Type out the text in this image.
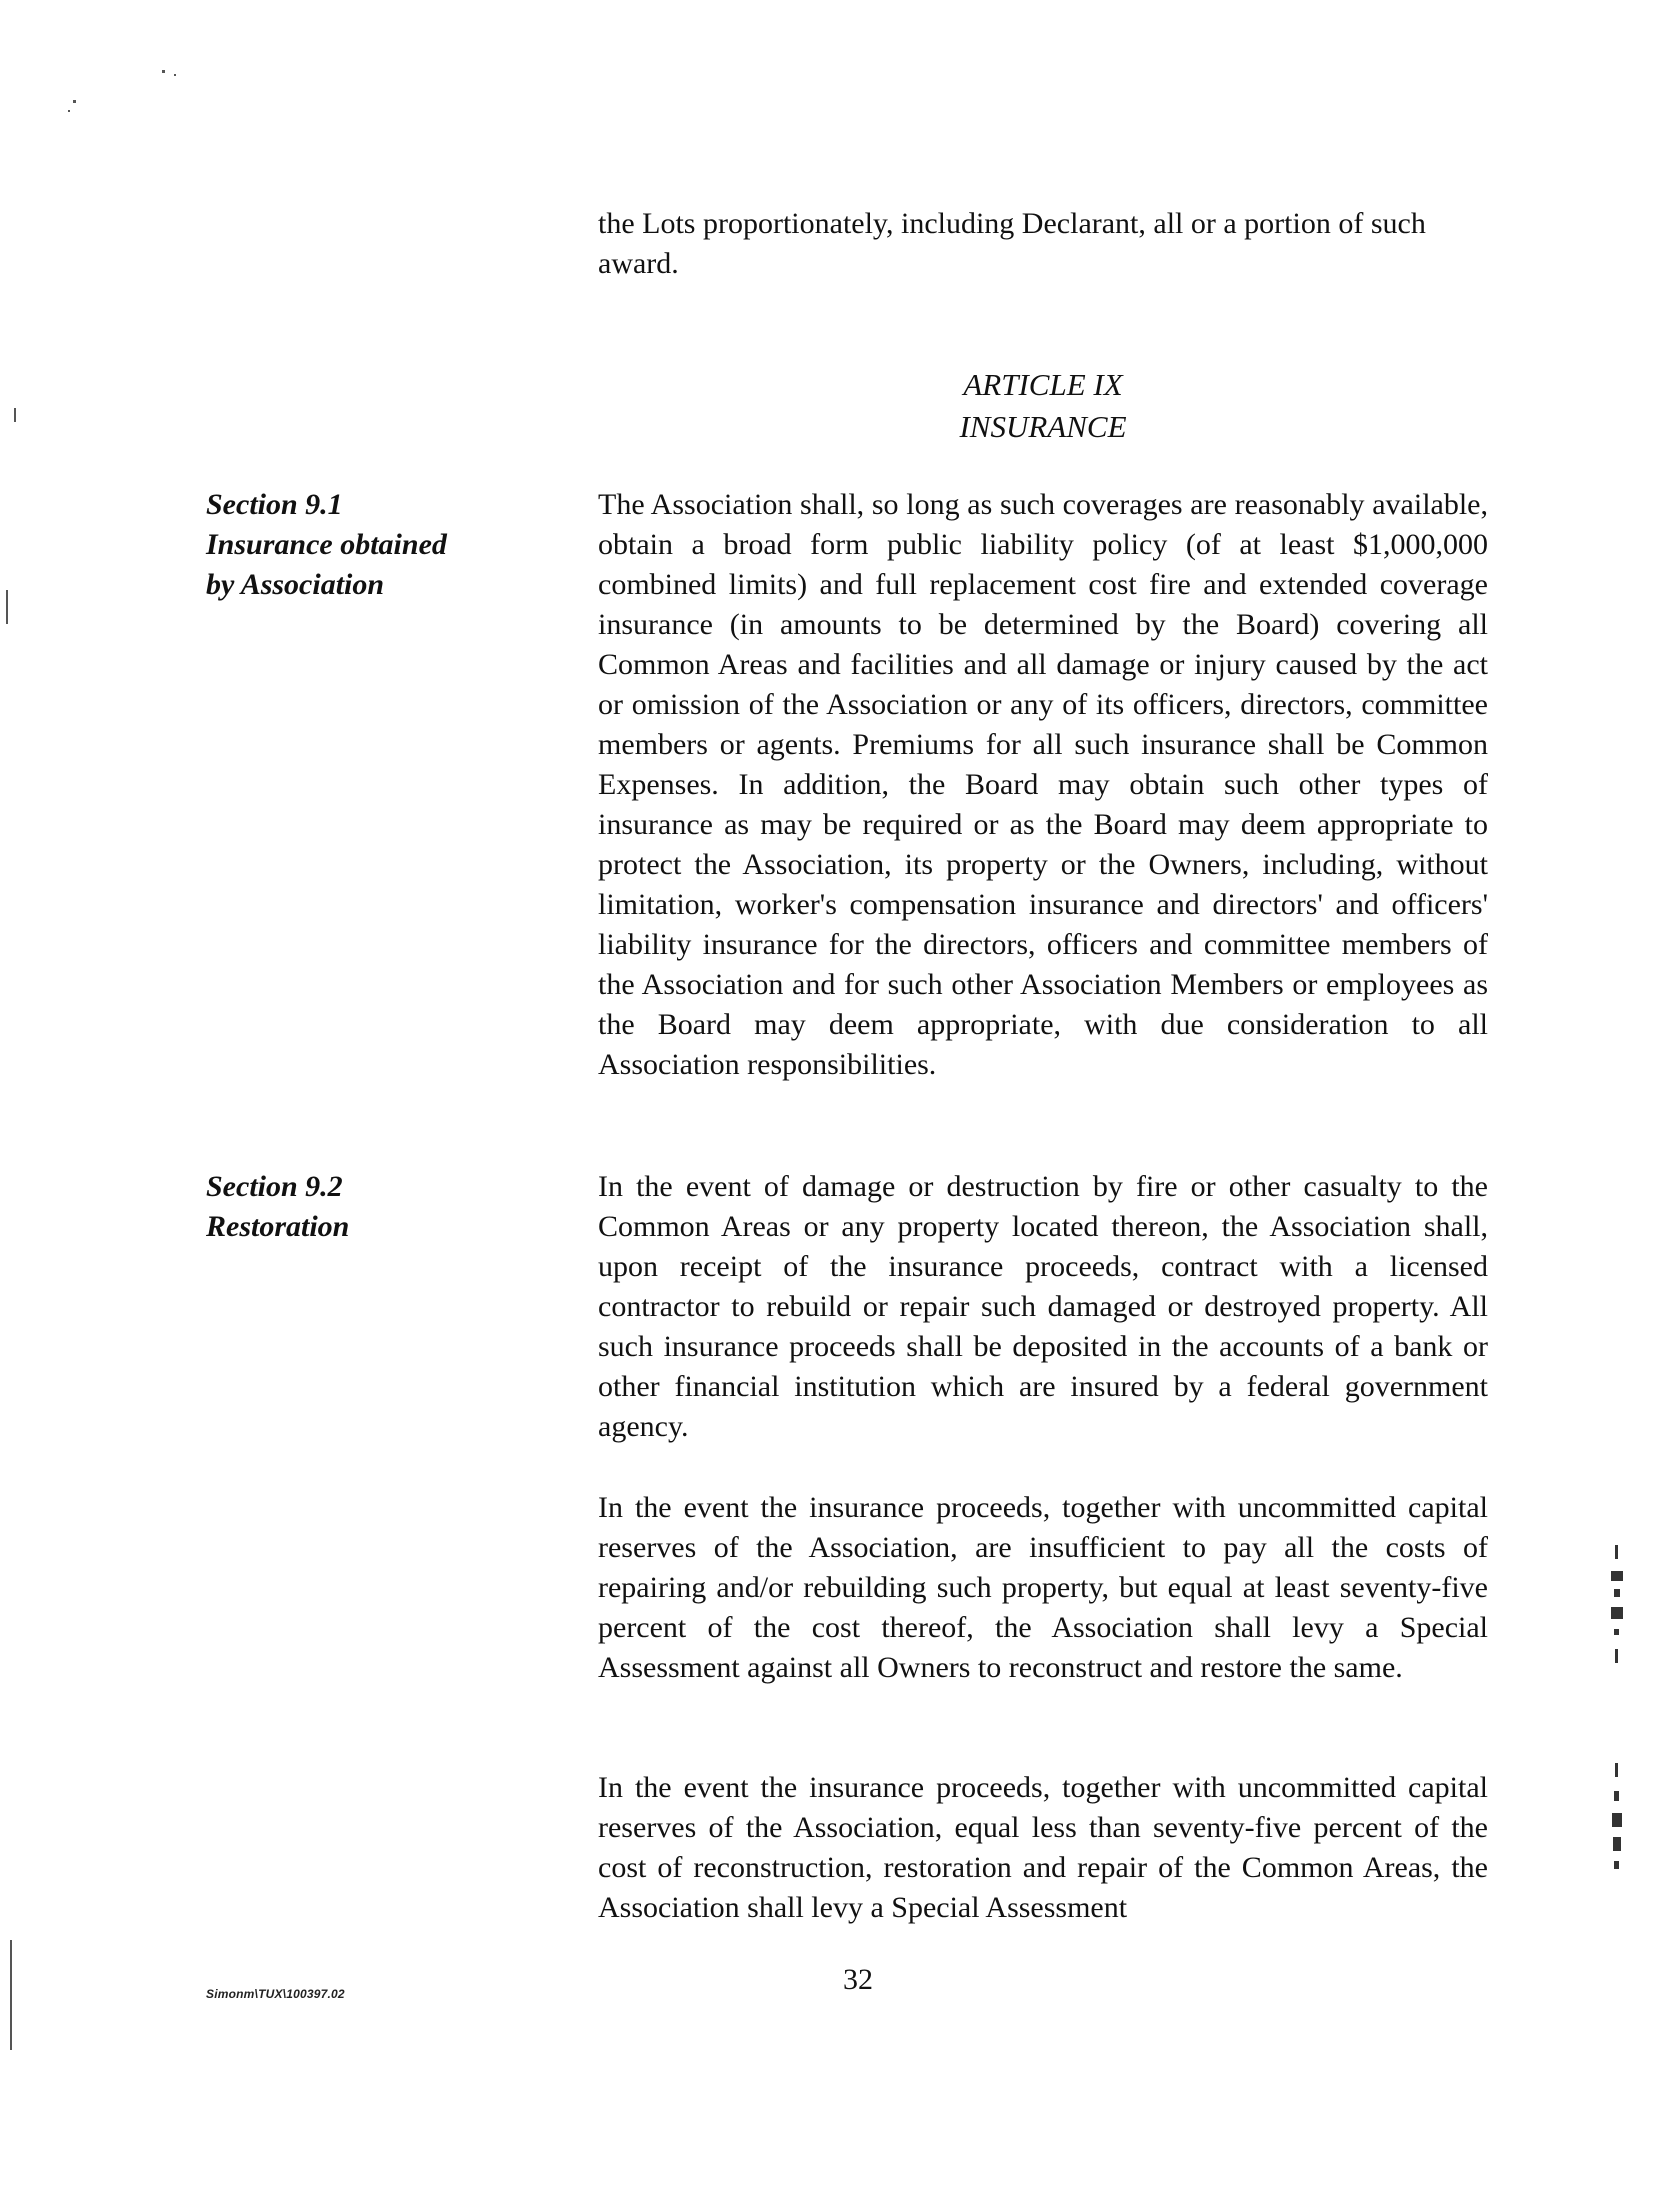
the Lots proportionately, including Declarant, all or a portion of such award.

ARTICLE IX
INSURANCE
Section 9.1
Insurance obtained
by Association

The Association shall, so long as such coverages are reasonably available, obtain a broad form public liability policy (of at least $1,000,000 combined limits) and full replacement cost fire and extended coverage insurance (in amounts to be determined by the Board) covering all Common Areas and facilities and all damage or injury caused by the act or omission of the Association or any of its officers, directors, committee members or agents. Premiums for all such insurance shall be Common Expenses. In addition, the Board may obtain such other types of insurance as may be required or as the Board may deem appropriate to protect the Association, its property or the Owners, including, without limitation, worker's compensation insurance and directors' and officers' liability insurance for the directors, officers and committee members of the Association and for such other Association Members or employees as the Board may deem appropriate, with due consideration to all Association responsibilities.

Section 9.2
Restoration

In the event of damage or destruction by fire or other casualty to the Common Areas or any property located thereon, the Association shall, upon receipt of the insurance proceeds, contract with a licensed contractor to rebuild or repair such damaged or destroyed property. All such insurance proceeds shall be deposited in the accounts of a bank or other financial institution which are insured by a federal government agency.

In the event the insurance proceeds, together with uncommitted capital reserves of the Association, are insufficient to pay all the costs of repairing and/or rebuilding such property, but equal at least seventy-five percent of the cost thereof, the Association shall levy a Special Assessment against all Owners to reconstruct and restore the same.

In the event the insurance proceeds, together with uncommitted capital reserves of the Association, equal less than seventy-five percent of the cost of reconstruction, restoration and repair of the Common Areas, the Association shall levy a Special Assessment

Simonm\TUX\100397.02	32
